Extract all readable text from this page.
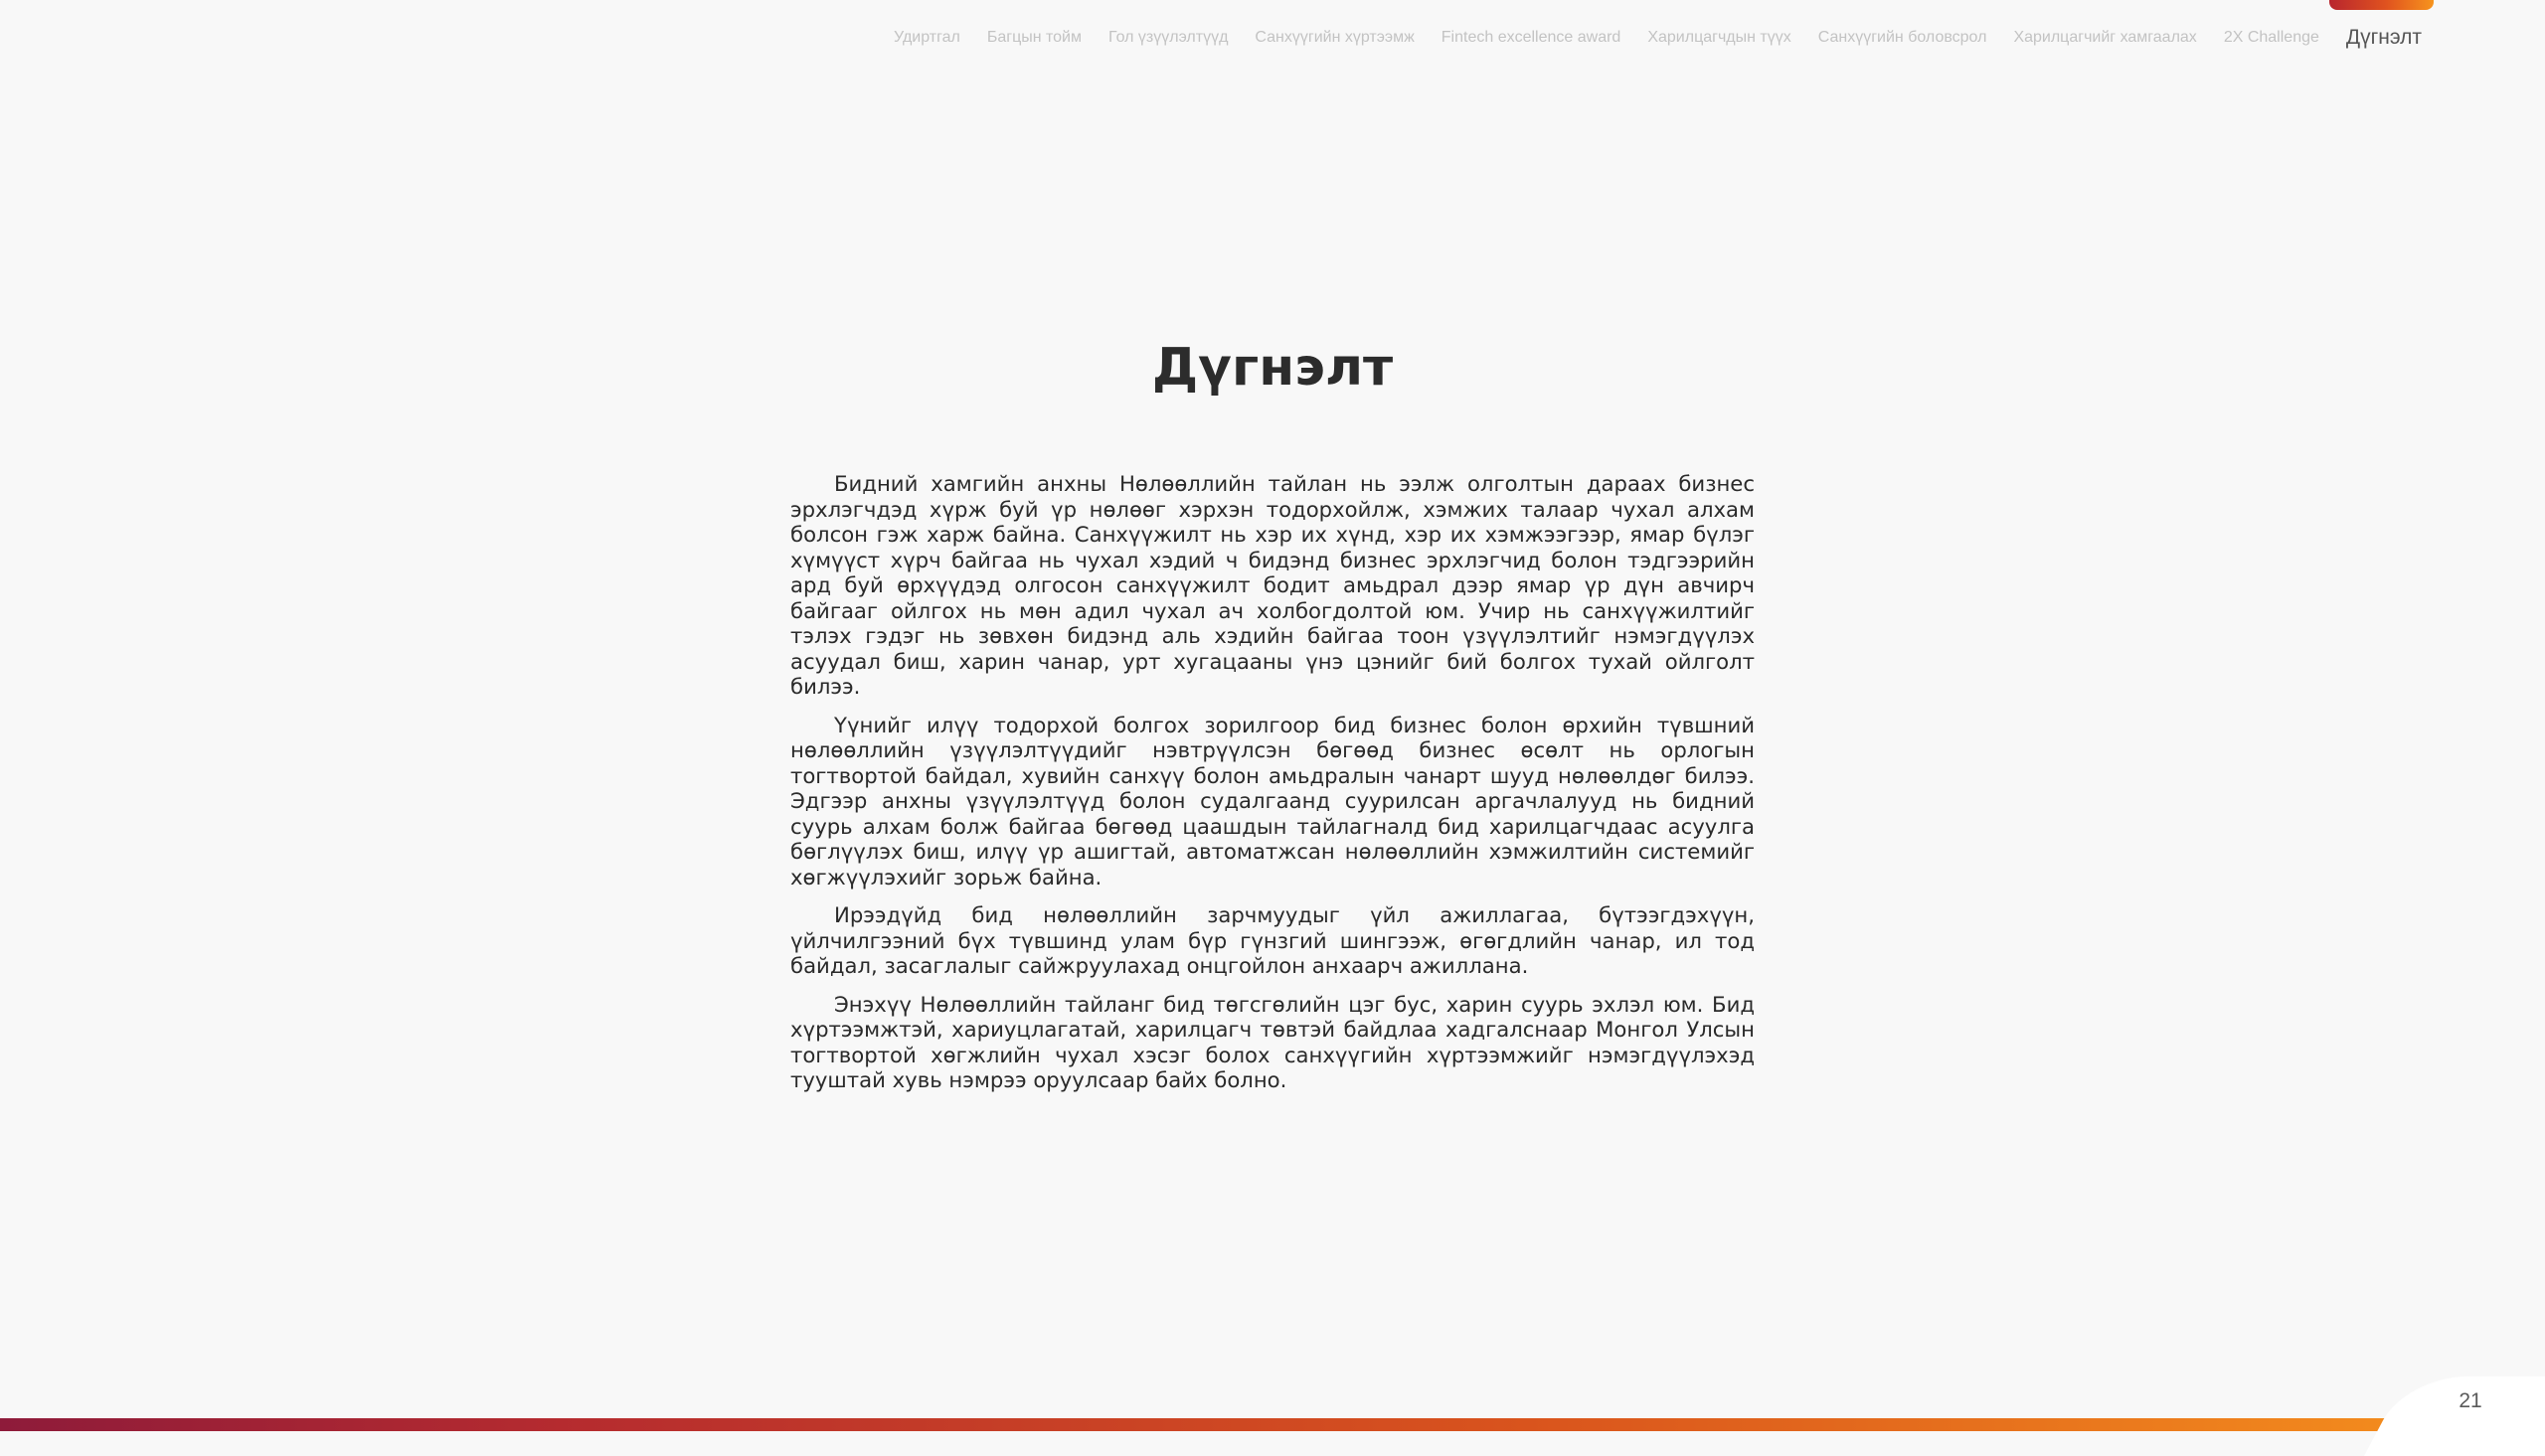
Удиртгал Багцын тойм Гол үзүүлэлтүүд Санхүүгийн хүртээмж Fintech excellence award Харилцагчдын түүх Санхүүгийн боловсрол Харилцагчийг хамгаалах 2X Challenge Дүгнэлт
Дүгнэлт

Бидний хамгийн анхны Нөлөөллийн тайлан нь ээлж олголтын дараах бизнес эрхлэгчдэд хүрж буй үр нөлөөг хэрхэн тодорхойлж, хэмжих талаар чухал алхам болсон гэж харж байна. Санхүүжилт нь хэр их хүнд, хэр их хэмжээгээр, ямар бүлэг хүмүүст хүрч байгаа нь чухал хэдий ч бидэнд бизнес эрхлэгчид болон тэдгээрийн ард буй өрхүүдэд олгосон санхүүжилт бодит амьдрал дээр ямар үр дүн авчирч байгааг ойлгох нь мөн адил чухал ач холбогдолтой юм. Учир нь санхүүжилтийг тэлэх гэдэг нь зөвхөн бидэнд аль хэдийн байгаа тоон үзүүлэлтийг нэмэгдүүлэх асуудал биш, харин чанар, урт хугацааны үнэ цэнийг бий болгох тухай ойлголт билээ.

Үүнийг илүү тодорхой болгох зорилгоор бид бизнес болон өрхийн түвшний нөлөөллийн үзүүлэлтүүдийг нэвтрүүлсэн бөгөөд бизнес өсөлт нь орлогын тогтвортой байдал, хувийн санхүү болон амьдралын чанарт шууд нөлөөлдөг билээ. Эдгээр анхны үзүүлэлтүүд болон судалгаанд суурилсан аргачлалууд нь бидний суурь алхам болж байгаа бөгөөд цаашдын тайлагналд бид харилцагчдаас асуулга бөглүүлэх биш, илүү үр ашигтай, автоматжсан нөлөөллийн хэмжилтийн системийг хөгжүүлэхийг зорьж байна.

Ирээдүйд бид нөлөөллийн зарчмуудыг үйл ажиллагаа, бүтээгдэхүүн, үйлчилгээний бүх түвшинд улам бүр гүнзгий шингээж, өгөгдлийн чанар, ил тод байдал, засаглалыг сайжруулахад онцгойлон анхаарч ажиллана.

Энэхүү Нөлөөллийн тайланг бид төгсгөлийн цэг бус, харин суурь эхлэл юм. Бид хүртээмжтэй, хариуцлагатай, харилцагч төвтэй байдлаа хадгалснаар Монгол Улсын тогтвортой хөгжлийн чухал хэсэг болох санхүүгийн хүртээмжийг нэмэгдүүлэхэд тууштай хувь нэмрээ оруулсаар байх болно.

21
